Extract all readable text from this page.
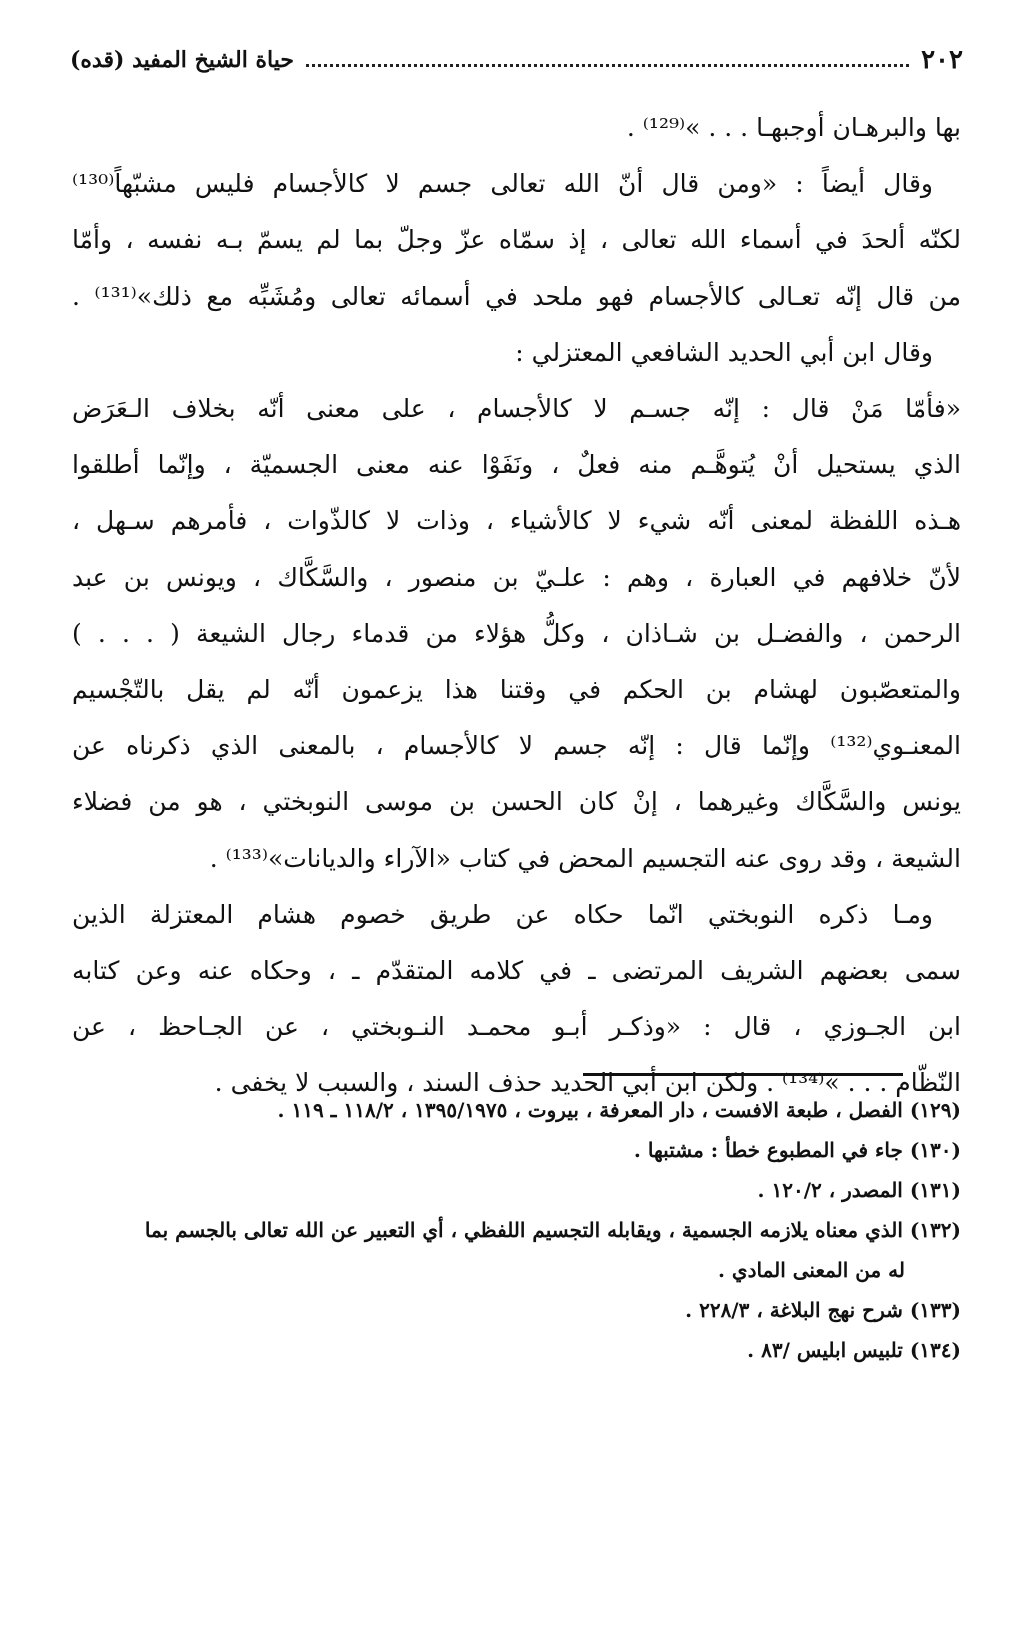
٢٠٢
حياة الشيخ المفيد (قده)
بها والبرهـان أوجبهـا . . . »⁽¹²⁹⁾ .
وقال أيضاً : «ومن قال أنّ الله تعالى جسم لا كالأجسام فليس مشبّهاً⁽¹³⁰⁾
لكنّه ألحدَ في أسماء الله تعالى ، إذ سمّاه عزّ وجلّ بما لم يسمّ بـه نفسه ، وأمّا
من قال إنّه تعـالى كالأجسام فهو ملحد في أسمائه تعالى ومُشَبِّه مع ذلك»⁽¹³¹⁾ .
وقال ابن أبي الحديد الشافعي المعتزلي :
«فأمّا مَنْ قال : إنّه جسـم لا كالأجسام ، على معنى أنّه بخلاف الـعَرَض
الذي يستحيل أنْ يُتوهَّـم منه فعلٌ ، ونَفَوْا عنه معنى الجسميّة ، وإنّما أطلقوا
هـذه اللفظة لمعنى أنّه شيء لا كالأشياء ، وذات لا كالذّوات ، فأمرهم سـهل ،
لأنّ خلافهم في العبارة ، وهم : علـيّ بن منصور ، والسَّكَّاك ، ويونس بن عبد
الرحمن ، والفضـل بن شـاذان ، وكلُّ هؤلاء من قدماء رجال الشيعة ( . . . )
والمتعصّبون لهشام بن الحكم في وقتنا هذا يزعمون أنّه لم يقل بالتّجْسيم
المعنـوي⁽¹³²⁾ وإنّما قال : إنّه جسم لا كالأجسام ، بالمعنى الذي ذكرناه عن
يونس والسَّكَّاك وغيرهما ، إنْ كان الحسن بن موسى النوبختي ، هو من فضلاء
الشيعة ، وقد روى عنه التجسيم المحض في كتاب «الآراء والديانات»⁽¹³³⁾ .
ومـا ذكره النوبختي انّما حكاه عن طريق خصوم هشام المعتزلة الذين
سمى بعضهم الشريف المرتضى ـ في كلامه المتقدّم ـ ، وحكاه عنه وعن كتابه
ابن الجـوزي ، قال : «وذكـر أبـو محمـد النـوبختي ، عن الجـاحظ ، عن
النّظّام . . . »⁽¹³⁴⁾ . ولكن ابن أبي الحديد حذف السند ، والسبب لا يخفى .
(١٢٩) الفصل ، طبعة الافست ، دار المعرفة ، بيروت ، ١٣٩٥/١٩٧٥ ، ١١٨/٢ ـ ١١٩ .
(١٣٠) جاء في المطبوع خطأ : مشتبها .
(١٣١) المصدر ، ١٢٠/٢ .
(١٣٢) الذي معناه يلازمه الجسمية ، ويقابله التجسيم اللفظي ، أي التعبير عن الله تعالى بالجسم بما
له من المعنى المادي .
(١٣٣) شرح نهج البلاغة ، ٢٢٨/٣ .
(١٣٤) تلبيس ابليس /٨٣ .
